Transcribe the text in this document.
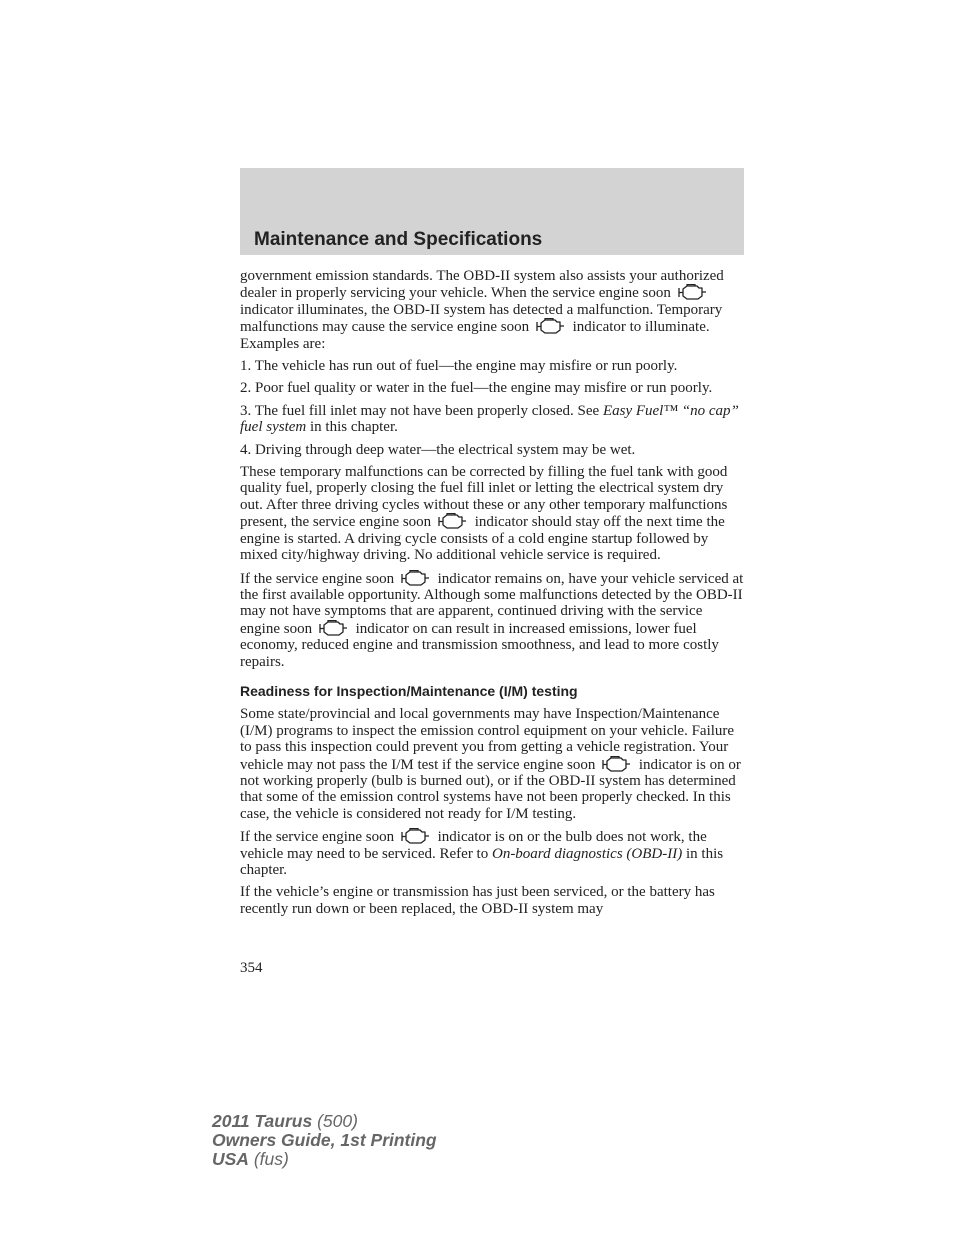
Maintenance and Specifications

government emission standards. The OBD-II system also assists your authorized dealer in properly servicing your vehicle. When the service engine soon
indicator illuminates, the OBD-II system has detected a malfunction. Temporary malfunctions may cause the service engine soon	indicator to illuminate. Examples are:

1. The vehicle has run out of fuel—the engine may misfire or run poorly.

2. Poor fuel quality or water in the fuel—the engine may misfire or run poorly.

3. The fuel fill inlet may not have been properly closed. See Easy Fuel™ “no cap” fuel system in this chapter.

4. Driving through deep water—the electrical system may be wet.

These temporary malfunctions can be corrected by filling the fuel tank with good quality fuel, properly closing the fuel fill inlet or letting the electrical system dry out. After three driving cycles without these or any other temporary malfunctions present, the service engine soon	indicator should stay off the next time the engine is started. A driving cycle consists of a cold engine startup followed by mixed city/highway driving. No additional vehicle service is required.

If the service engine soon	indicator remains on, have your vehicle serviced at the first available opportunity. Although some malfunctions detected by the OBD-II may not have symptoms that are apparent, continued driving with the service engine soon	indicator on can result in increased emissions, lower fuel economy, reduced engine and transmission smoothness, and lead to more costly repairs.

Readiness for Inspection/Maintenance (I/M) testing

Some state/provincial and local governments may have Inspection/Maintenance (I/M) programs to inspect the emission control equipment on your vehicle. Failure to pass this inspection could prevent you from getting a vehicle registration. Your vehicle may not pass the I/M test if the service engine soon	indicator is on or not working properly (bulb is burned out), or if the OBD-II system has determined that some of the emission control systems have not been properly checked. In this case, the vehicle is considered not ready for I/M testing.

If the service engine soon	indicator is on or the bulb does not work, the vehicle may need to be serviced. Refer to On-board diagnostics (OBD-II) in this chapter.

If the vehicle’s engine or transmission has just been serviced, or the battery has recently run down or been replaced, the OBD-II system may

354
2011 Taurus (500)
Owners Guide, 1st Printing
USA (fus)
